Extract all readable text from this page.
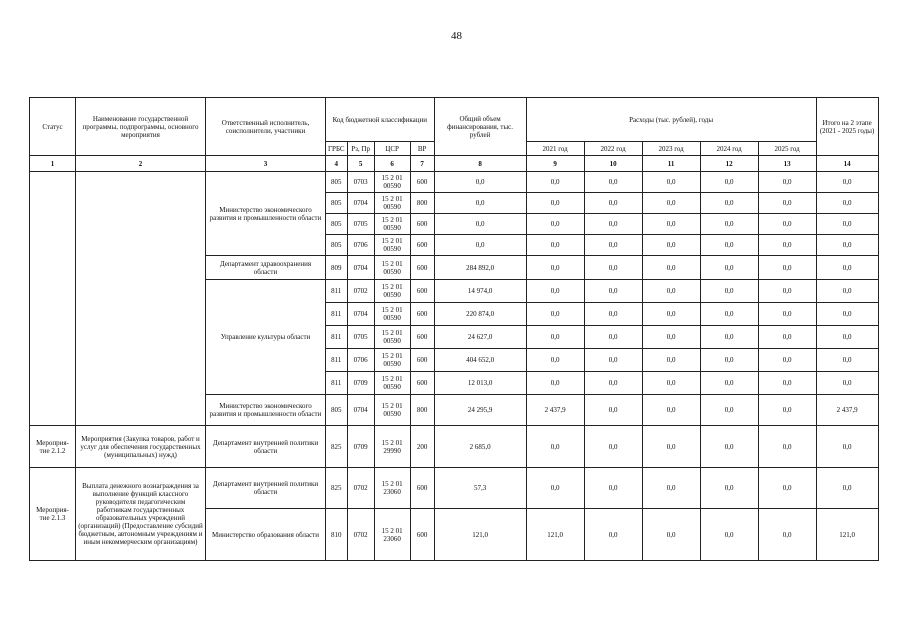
48
Статус	Наименование государственной программы, подпрограммы, основного мероприятия	Ответственный исполнитель, соисполнители, участники	Код бюджетной классификации				Общий объем финансирования, тыс. рублей	Расходы (тыс. рублей), годы					Итого на 2 этапе (2021 - 2025 годы)
			ГРБС	Рз, Пр	ЦСР	ВР		2021 год	2022 год	2023 год	2024 год	2025 год	
1	2	3	4	5	6	7	8	9	10	11	12	13	14
		Министерство экономического развития и промышленности области	805	0703	15 2 01 00590	600	0,0	0,0	0,0	0,0	0,0	0,0	0,0
			805	0704	15 2 01 00590	800	0,0	0,0	0,0	0,0	0,0	0,0	0,0
			805	0705	15 2 01 00590	600	0,0	0,0	0,0	0,0	0,0	0,0	0,0
			805	0706	15 2 01 00590	600	0,0	0,0	0,0	0,0	0,0	0,0	0,0
		Департамент здравоохранения области	809	0704	15 2 01 00590	600	284 892,0	0,0	0,0	0,0	0,0	0,0	0,0
		Управление культуры области	811	0702	15 2 01 00590	600	14 974,0	0,0	0,0	0,0	0,0	0,0	0,0
			811	0704	15 2 01 00590	600	220 874,0	0,0	0,0	0,0	0,0	0,0	0,0
			811	0705	15 2 01 00590	600	24 627,0	0,0	0,0	0,0	0,0	0,0	0,0
			811	0706	15 2 01 00590	600	404 652,0	0,0	0,0	0,0	0,0	0,0	0,0
			811	0709	15 2 01 00590	600	12 013,0	0,0	0,0	0,0	0,0	0,0	0,0
		Министерство экономического развития и промышленности области	805	0704	15 2 01 00590	800	24 295,9	2 437,9	0,0	0,0	0,0	0,0	2 437,9
Мероприя-тие 2.1.2	Мероприятия (Закупка товаров, работ и услуг для обеспечения государственных (муниципальных) нужд)	Департамент внутренней политики области	825	0709	15 2 01 29990	200	2 685,0	0,0	0,0	0,0	0,0	0,0	0,0
Мероприя-тие 2.1.3	Выплата денежного вознаграждения за выполнение функций классного руководителя педагогическим работникам государственных образовательных учреждений (организаций) (Предоставление субсидий бюджетным, автономным учреждениям и иным некоммерческим организациям)	Департамент внутренней политики области	825	0702	15 2 01 23060	600	57,3	0,0	0,0	0,0	0,0	0,0	0,0
		Министерство образования области	810	0702	15 2 01 23060	600	121,0	121,0	0,0	0,0	0,0	0,0	121,0
